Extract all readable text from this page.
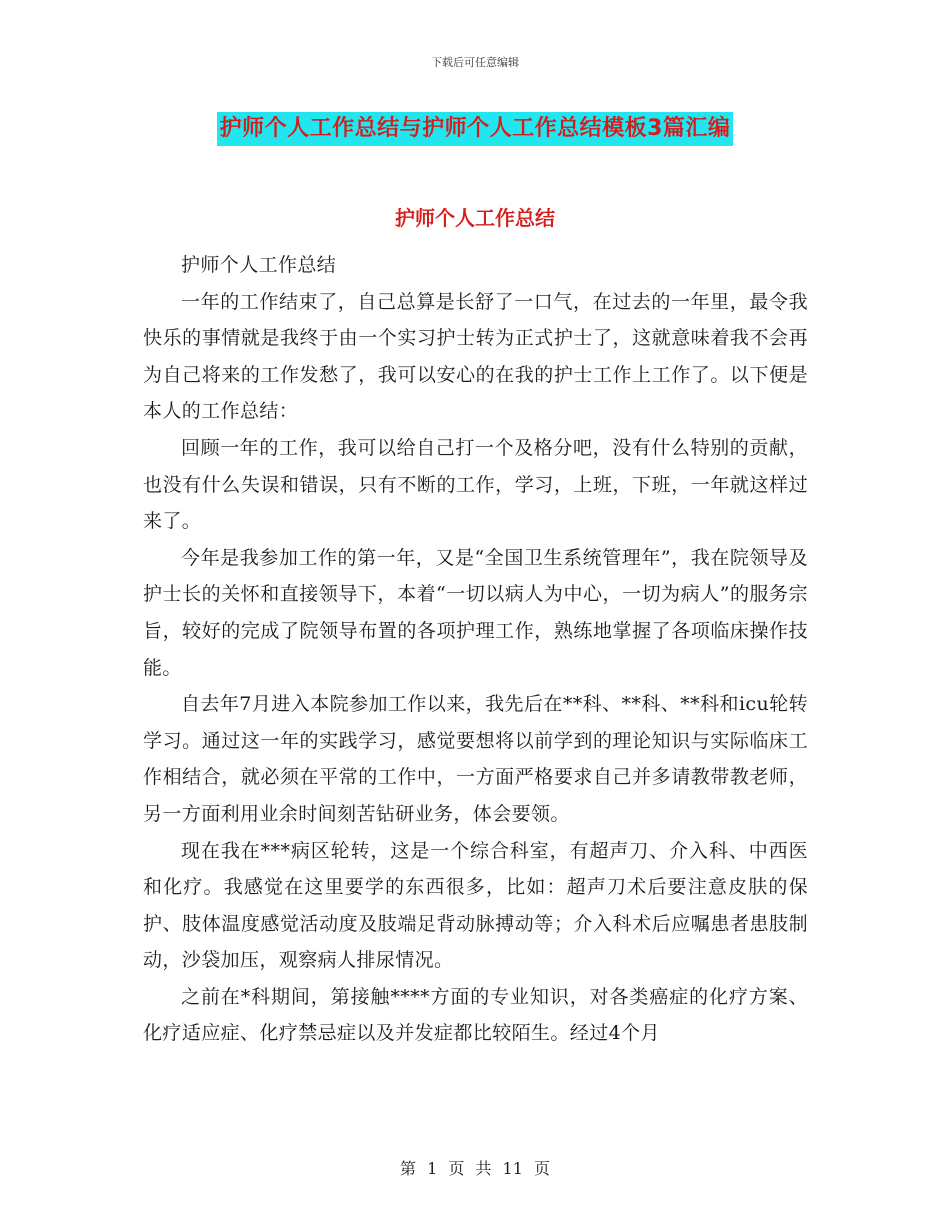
下载后可任意编辑
护师个人工作总结与护师个人工作总结模板3篇汇编
护师个人工作总结

护师个人工作总结

一年的工作结束了，自己总算是长舒了一口气，在过去的一年里，最令我快乐的事情就是我终于由一个实习护士转为正式护士了，这就意味着我不会再为自己将来的工作发愁了，我可以安心的在我的护士工作上工作了。以下便是本人的工作总结：

回顾一年的工作，我可以给自己打一个及格分吧，没有什么特别的贡献，也没有什么失误和错误，只有不断的工作，学习，上班，下班，一年就这样过来了。

今年是我参加工作的第一年，又是“全国卫生系统管理年”，我在院领导及护士长的关怀和直接领导下，本着“一切以病人为中心，一切为病人”的服务宗旨，较好的完成了院领导布置的各项护理工作，熟练地掌握了各项临床操作技能。

自去年7月进入本院参加工作以来，我先后在**科、**科、**科和icu轮转学习。通过这一年的实践学习，感觉要想将以前学到的理论知识与实际临床工作相结合，就必须在平常的工作中，一方面严格要求自己并多请教带教老师，另一方面利用业余时间刻苦钻研业务，体会要领。

现在我在***病区轮转，这是一个综合科室，有超声刀、介入科、中西医和化疗。我感觉在这里要学的东西很多，比如：超声刀术后要注意皮肤的保护、肢体温度感觉活动度及肢端足背动脉搏动等；介入科术后应嘱患者患肢制动，沙袋加压，观察病人排尿情况。

之前在*科期间，第接触****方面的专业知识，对各类癌症的化疗方案、化疗适应症、化疗禁忌症以及并发症都比较陌生。经过4个月

第 1 页 共 11 页
